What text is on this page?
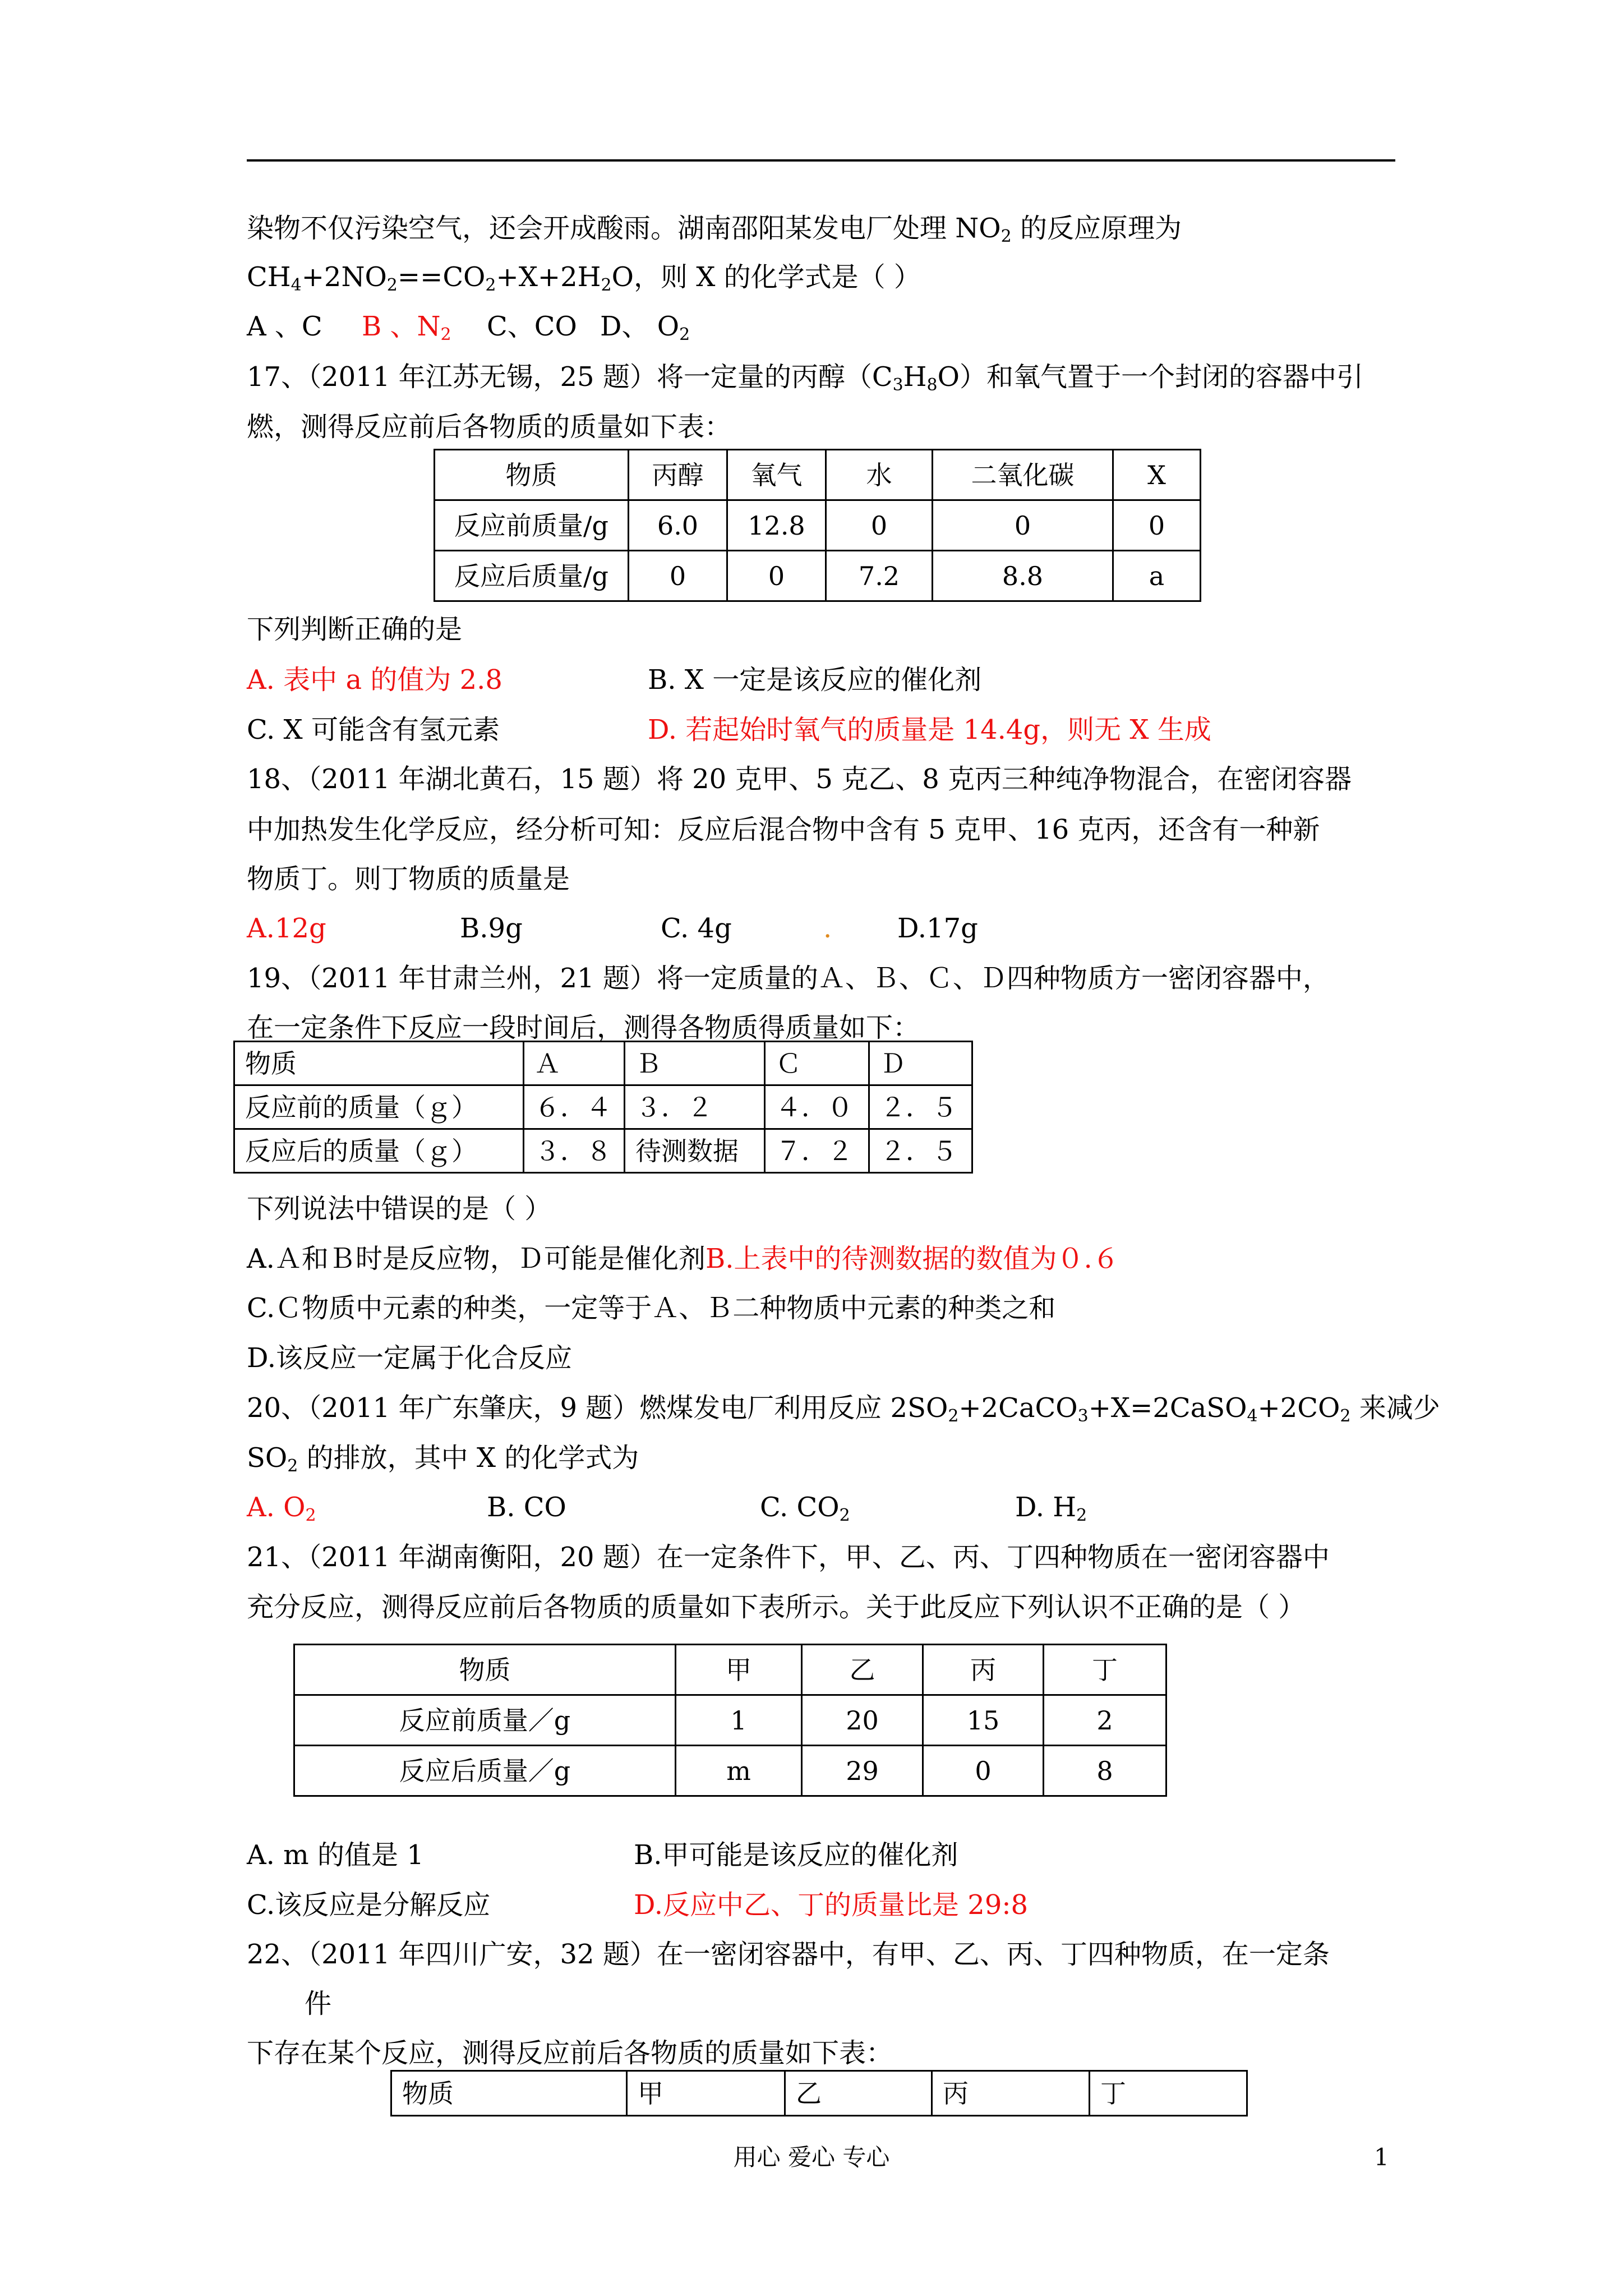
染物不仅污染空气，还会开成酸雨。湖南邵阳某发电厂处理 $NO_2$ 的反应原理为
$CH_4+2NO_2==CO_2+X+2H_2O$，则 X 的化学式是（ ）
A 、C B 、$N_2$ C、CO D、 $O_2$
17、（2011 年江苏无锡，25 题）将一定量的丙醇$(C_3H_8O)$和氧气置于一个封闭的容器中引
燃，测得反应前后各物质的质量如下表：
物质	丙醇	氧气	水	二氧化碳	X
反应前质量/g	6.0	12.8	0	0	0
反应后质量/g	0	0	7.2	8.8	a
下列判断正确的是
A. 表中 a 的值为 2.8	B. X 一定是该反应的催化剂
C. X 可能含有氢元素	D. 若起始时氧气的质量是 14.4g，则无 X 生成
18、（2011 年湖北黄石，15 题）将 20 克甲、5 克乙、8 克丙三种纯净物混合，在密闭容器
中加热发生化学反应，经分析可知：反应后混合物中含有 5 克甲、16 克丙，还含有一种新
物质丁。则丁物质的质量是
A.12g	B.9g	C. 4g	. D.17g
19、（2011 年甘肃兰州，21 题）将一定质量的Ａ、Ｂ、Ｃ、Ｄ四种物质方一密闭容器中，
在一定条件下反应一段时间后，测得各物质得质量如下：
物质	Ａ	Ｂ	Ｃ	Ｄ
反应前的质量（ｇ）	６．４	３．２	４．０	２．５
反应后的质量（ｇ）	３．８	待测数据	７．２	２．５
下列说法中错误的是（ ）
A.Ａ和Ｂ时是反应物，Ｄ可能是催化剂B.上表中的待测数据的数值为０.６
C.Ｃ物质中元素的种类，一定等于Ａ、Ｂ二种物质中元素的种类之和
D.该反应一定属于化合反应
20、（2011 年广东肇庆，9 题）燃煤发电厂利用反应 $2SO_2+2CaCO_3+X=2CaSO_4+2CO_2$ 来减少
$SO_2$ 的排放，其中 X 的化学式为
A. $O_2$	B. CO	C. $CO_2$	D. $H_2$
21、（2011 年湖南衡阳，20 题）在一定条件下，甲、乙、丙、丁四种物质在一密闭容器中
充分反应，测得反应前后各物质的质量如下表所示。关于此反应下列认识不正确的是（ ）
物质	甲	乙	丙	丁
反应前质量／g	1	20	15	2
反应后质量／g	m	29	0	8
A. m 的值是 1	B.甲可能是该反应的催化剂
C.该反应是分解反应	D.反应中乙、丁的质量比是 29:8
22、（2011 年四川广安，32 题）在一密闭容器中，有甲、乙、丙、丁四种物质，在一定条
件
下存在某个反应，测得反应前后各物质的质量如下表：
物质	甲	乙	丙	丁
用心 爱心 专心	1
